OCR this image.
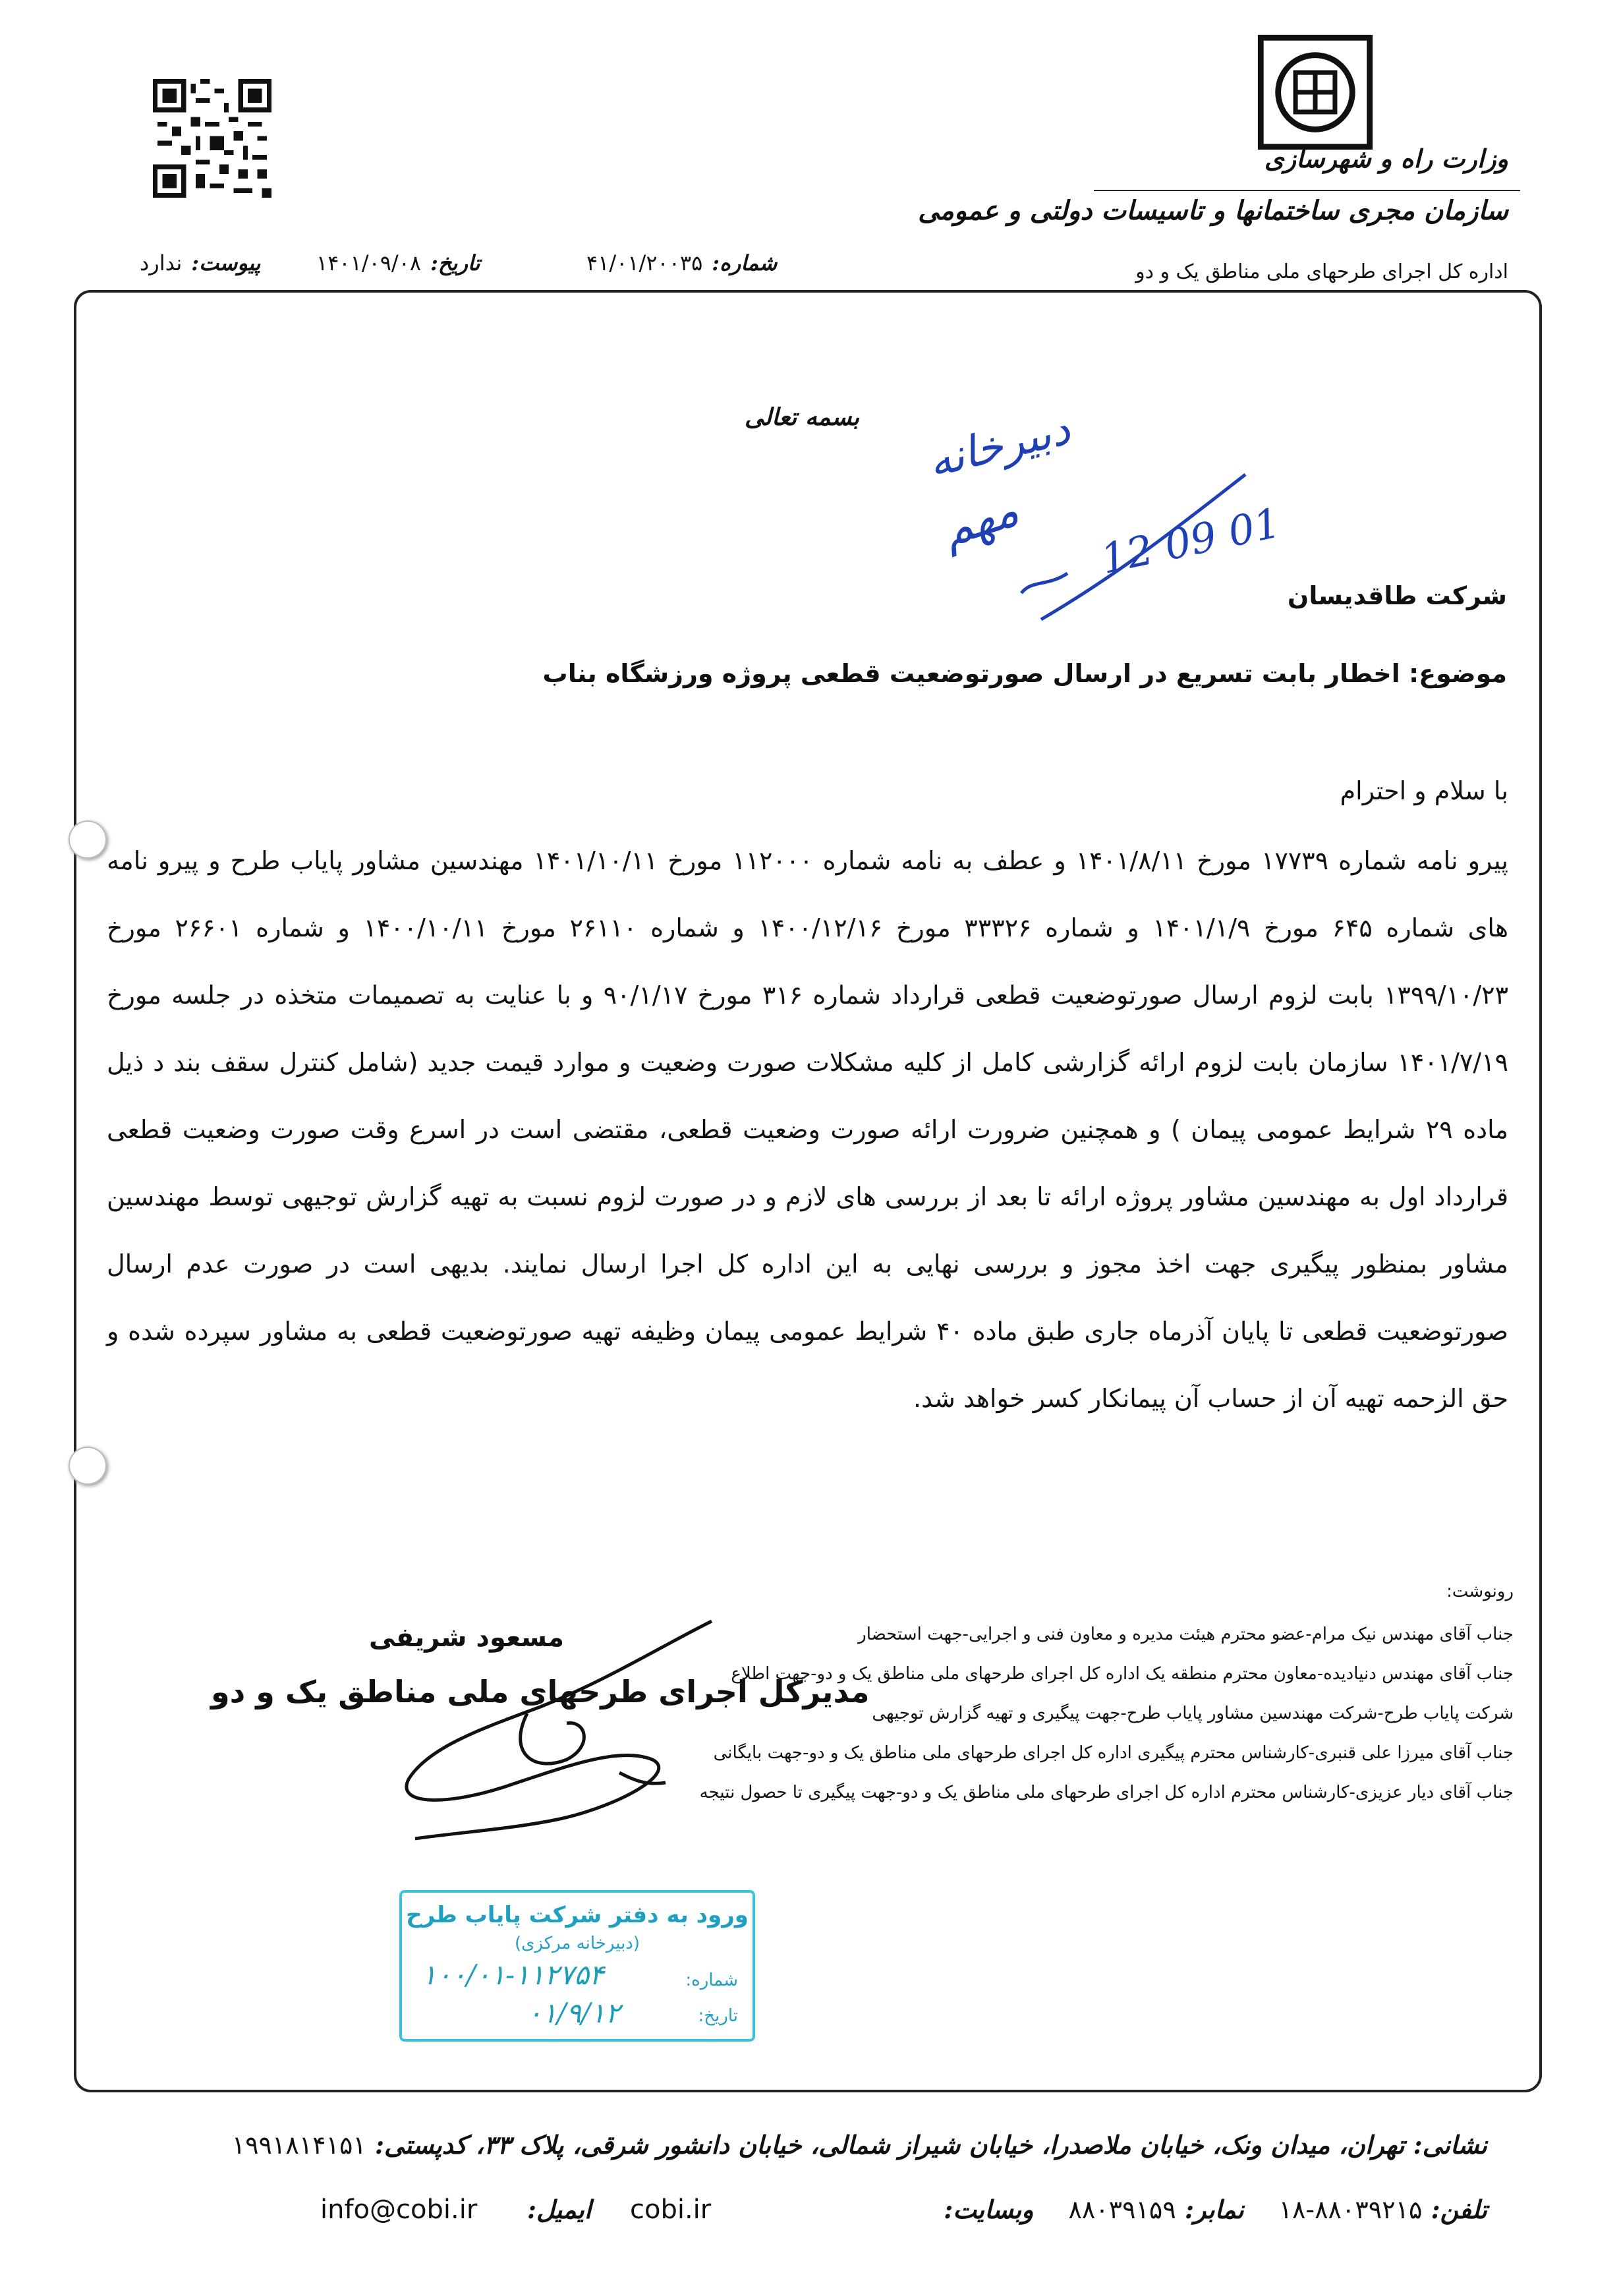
وزارت راه و شهرسازی
سازمان مجری ساختمانها و تاسیسات دولتی و عمومی
اداره کل اجرای طرحهای ملی مناطق یک و دو
شماره:۴۱/۰۱/۲۰۰۳۵
تاریخ:۱۴۰۱/۰۹/۰۸
پیوست:ندارد
بسمه تعالی دبیرخانه
مهم 12 09 01
شرکت طاقدیسان
موضوع: اخطار بابت تسریع در ارسال صورتوضعیت قطعی پروژه ورزشگاه بناب
با سلام و احترام
پیرو نامه شماره ۱۷۷۳۹ مورخ ۱۴۰۱/۸/۱۱ و عطف به نامه شماره ۱۱۲۰۰۰ مورخ ۱۴۰۱/۱۰/۱۱ مهندسین مشاور پایاب طرح و پیرو نامه های شماره ۶۴۵ مورخ ۱۴۰۱/۱/۹ و شماره ۳۳۳۲۶ مورخ ۱۴۰۰/۱۲/۱۶ و شماره ۲۶۱۱۰ مورخ ۱۴۰۰/۱۰/۱۱ و شماره ۲۶۶۰۱ مورخ ۱۳۹۹/۱۰/۲۳ بابت لزوم ارسال صورتوضعیت قطعی قرارداد شماره ۳۱۶ مورخ ۹۰/۱/۱۷ و با عنایت به تصمیمات متخذه در جلسه مورخ ۱۴۰۱/۷/۱۹ سازمان بابت لزوم ارائه گزارشی کامل از کلیه مشکلات صورت وضعیت و موارد قیمت جدید (شامل کنترل سقف بند د ذیل ماده ۲۹ شرایط عمومی پیمان ) و همچنین ضرورت ارائه صورت وضعیت قطعی، مقتضی است در اسرع وقت صورت وضعیت قطعی قرارداد اول به مهندسین مشاور پروژه ارائه تا بعد از بررسی های لازم و در صورت لزوم نسبت به تهیه گزارش توجیهی توسط مهندسین مشاور بمنظور پیگیری جهت اخذ مجوز و بررسی نهایی به این اداره کل اجرا ارسال نمایند. بدیهی است در صورت عدم ارسال صورتوضعیت قطعی تا پایان آذرماه جاری طبق ماده ۴۰ شرایط عمومی پیمان وظیفه تهیه صورتوضعیت قطعی به مشاور سپرده شده و حق الزحمه تهیه آن از حساب آن پیمانکار کسر خواهد شد.
مسعود شریفی
مدیرکل اجرای طرحهای ملی مناطق یک و دو
رونوشت:
جناب آقای مهندس نیک مرام-عضو محترم هیئت مدیره و معاون فنی و اجرایی-جهت استحضار
جناب آقای مهندس دنیادیده-معاون محترم منطقه یک اداره کل اجرای طرحهای ملی مناطق یک و دو-جهت اطلاع
شرکت پایاب طرح-شرکت مهندسین مشاور پایاب طرح-جهت پیگیری و تهیه گزارش توجیهی
جناب آقای میرزا علی قنبری-کارشناس محترم پیگیری اداره کل اجرای طرحهای ملی مناطق یک و دو-جهت بایگانی
جناب آقای دیار عزیزی-کارشناس محترم اداره کل اجرای طرحهای ملی مناطق یک و دو-جهت پیگیری تا حصول نتیجه
ورود به دفتر شرکت پایاب طرح
(دبیرخانه مرکزی)
شماره:
۱۰۰/۰۱-۱۱۲۷۵۴
تاریخ:
۰۱/۹/۱۲
نشانی: تهران، میدان ونک، خیابان ملاصدرا، خیابان شیراز شمالی، خیابان دانشور شرقی، پلاک ۳۳، کدپستی: ۱۹۹۱۸۱۴۱۵۱
تلفن: ۸۸۰۳۹۲۱۵-۱۸    نمابر: ۸۸۰۳۹۱۵۹    وبسایت:
cobi.ir
ایمیل:
info@cobi.ir
